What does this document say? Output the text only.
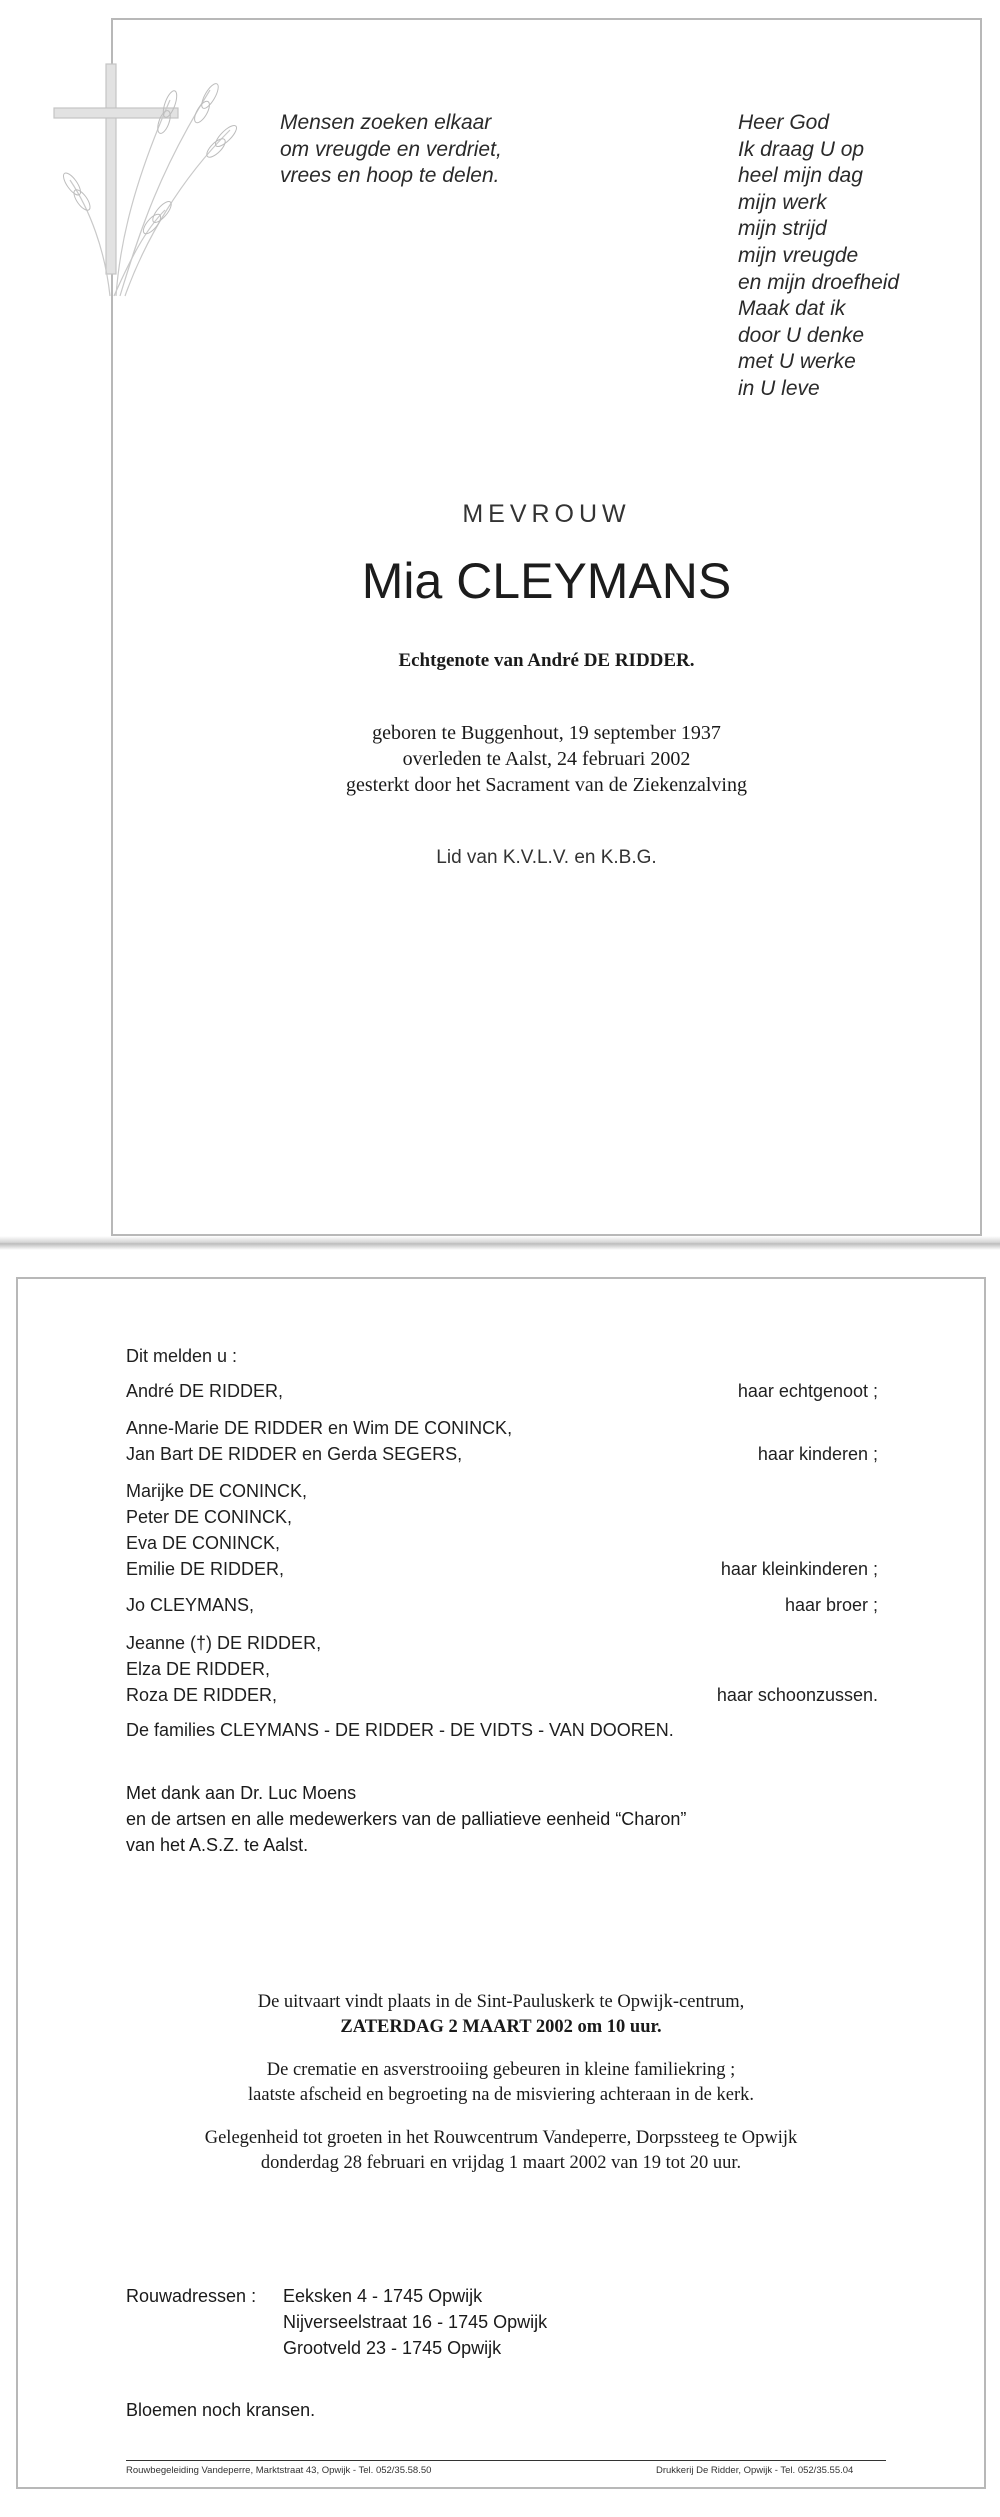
Mensen zoeken elkaar
om vreugde en verdriet,
vrees en hoop te delen.
Heer God
Ik draag U op
heel mijn dag
mijn werk
mijn strijd
mijn vreugde
en mijn droefheid
Maak dat ik
door U denke
met U werke
in U leve
MEVROUW
Mia CLEYMANS
Echtgenote van André DE RIDDER.
geboren te Buggenhout, 19 september 1937
overleden te Aalst, 24 februari 2002
gesterkt door het Sacrament van de Ziekenzalving
Lid van K.V.L.V. en K.B.G.
Dit melden u :
André DE RIDDER,	haar echtgenoot ;
Anne-Marie DE RIDDER en Wim DE CONINCK,
Jan Bart DE RIDDER en Gerda SEGERS,	haar kinderen ;
Marijke DE CONINCK,
Peter DE CONINCK,
Eva DE CONINCK,
Emilie DE RIDDER,	haar kleinkinderen ;
Jo CLEYMANS,	haar broer ;
Jeanne (†) DE RIDDER,
Elza DE RIDDER,
Roza DE RIDDER,	haar schoonzussen.
De families CLEYMANS - DE RIDDER - DE VIDTS - VAN DOOREN.
Met dank aan Dr. Luc Moens
en de artsen en alle medewerkers van de palliatieve eenheid “Charon”
van het A.S.Z. te Aalst.
De uitvaart vindt plaats in de Sint-Pauluskerk te Opwijk-centrum,
ZATERDAG 2 MAART 2002 om 10 uur.
De crematie en asverstrooiing gebeuren in kleine familiekring ;
laatste afscheid en begroeting na de misviering achteraan in de kerk.
Gelegenheid tot groeten in het Rouwcentrum Vandeperre, Dorpssteeg te Opwijk
donderdag 28 februari en vrijdag 1 maart 2002 van 19 tot 20 uur.
Rouwadressen : Eeksken 4 - 1745 Opwijk
Nijverseelstraat 16 - 1745 Opwijk
Grootveld 23 - 1745 Opwijk
Bloemen noch kransen.
Rouwbegeleiding Vandeperre, Marktstraat 43, Opwijk - Tel. 052/35.58.50	Drukkerij De Ridder, Opwijk - Tel. 052/35.55.04
